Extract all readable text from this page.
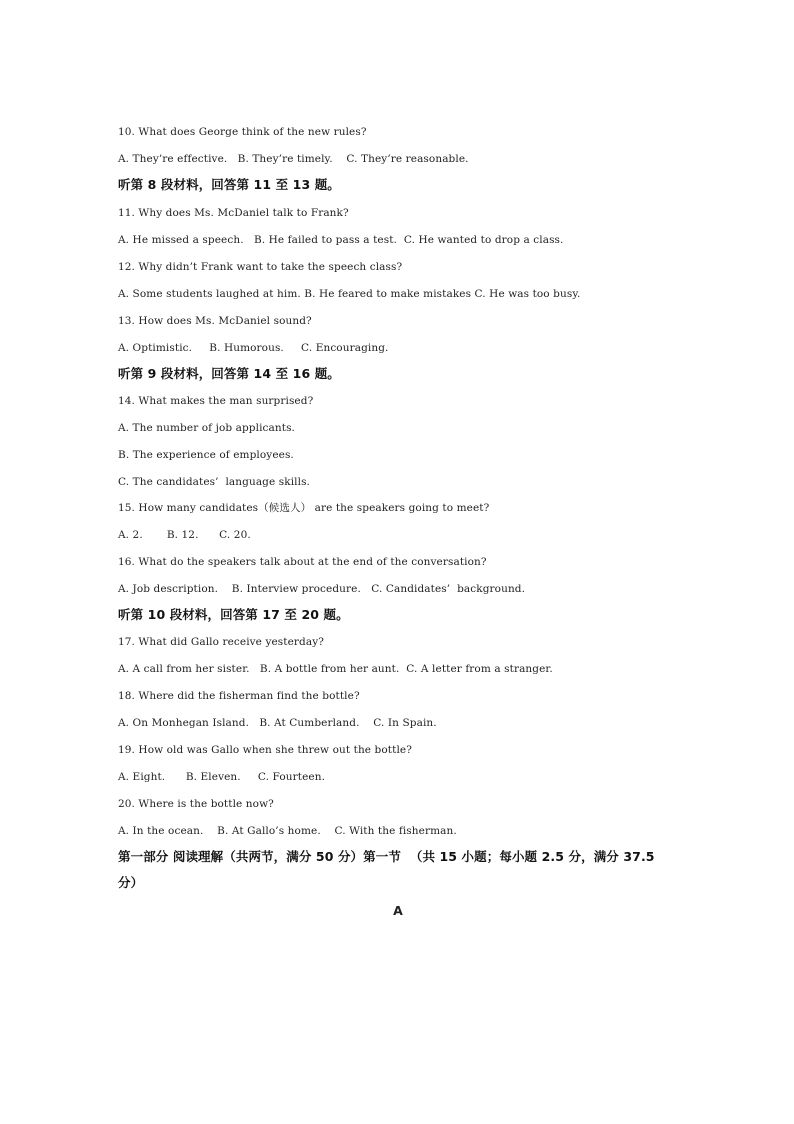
10. What does George think of the new rules?
A. They’re effective.   B. They’re timely.    C. They’re reasonable.
听第 8 段材料，回答第 11 至 13 题。
11. Why does Ms. McDaniel talk to Frank?
A. He missed a speech.   B. He failed to pass a test.  C. He wanted to drop a class.
12. Why didn’t Frank want to take the speech class?
A. Some students laughed at him. B. He feared to make mistakes C. He was too busy.
13. How does Ms. McDaniel sound?
A. Optimistic.     B. Humorous.     C. Encouraging.
听第 9 段材料，回答第 14 至 16 题。
14. What makes the man surprised?
A. The number of job applicants.
B. The experience of employees.
C. The candidates’  language skills.
15. How many candidates（候选人） are the speakers going to meet?
A. 2.       B. 12.      C. 20.
16. What do the speakers talk about at the end of the conversation?
A. Job description.    B. Interview procedure.   C. Candidates’  background.
听第 10 段材料，回答第 17 至 20 题。
17. What did Gallo receive yesterday?
A. A call from her sister.   B. A bottle from her aunt.  C. A letter from a stranger.
18. Where did the fisherman find the bottle?
A. On Monhegan Island.   B. At Cumberland.    C. In Spain.
19. How old was Gallo when she threw out the bottle?
A. Eight.      B. Eleven.     C. Fourteen.
20. Where is the bottle now?
A. In the ocean.    B. At Gallo’s home.    C. With the fisherman.
第一部分 阅读理解（共两节，满分 50 分）第一节  （共 15 小题；每小题 2.5 分，满分 37.5
分）
A
